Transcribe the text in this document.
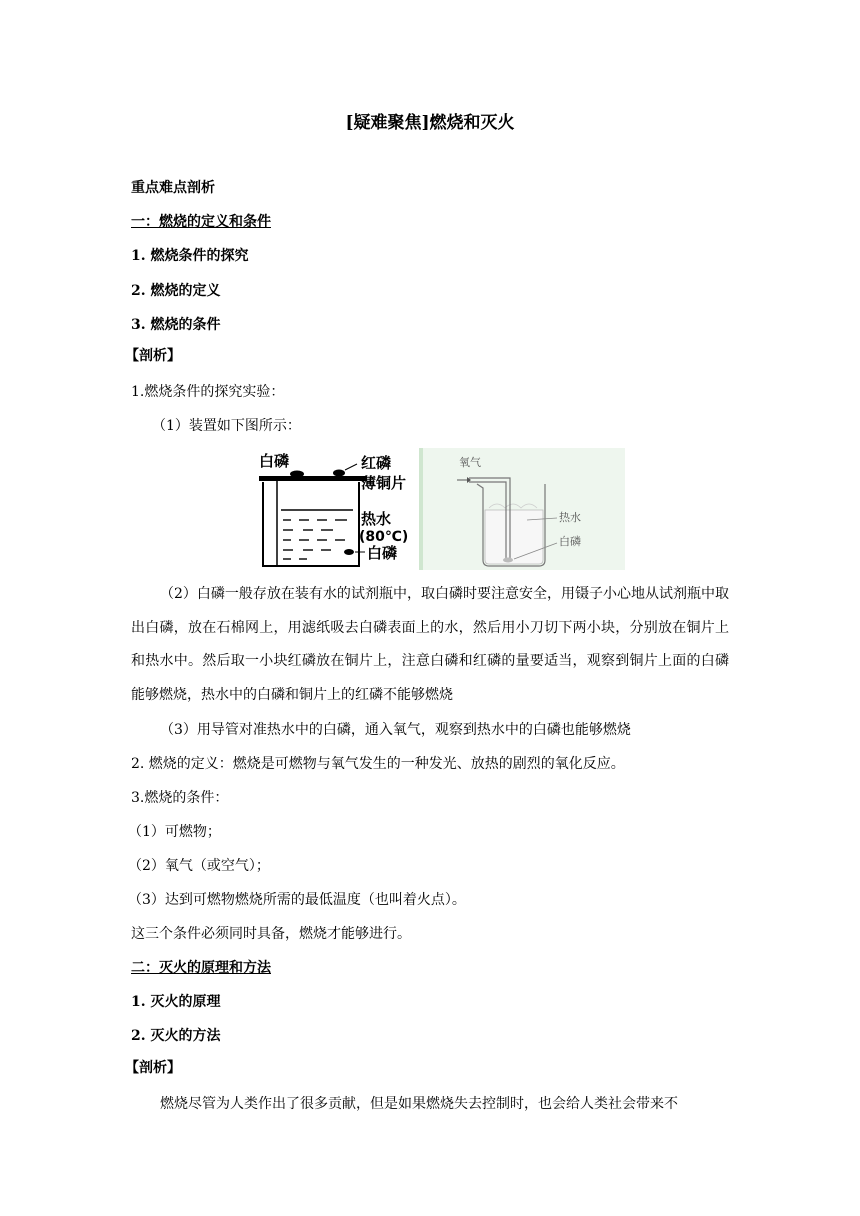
[疑难聚焦]燃烧和灭火
重点难点剖析
一：燃烧的定义和条件
1. 燃烧条件的探究
2. 燃烧的定义
3. 燃烧的条件
【剖析】
1.燃烧条件的探究实验：
（1）装置如下图所示：
白磷	红磷
薄铜片
热水
(80℃)
白磷
氧气
热水
白磷
（2）白磷一般存放在装有水的试剂瓶中，取白磷时要注意安全，用镊子小心地从试剂瓶中取出白磷，放在石棉网上，用滤纸吸去白磷表面上的水，然后用小刀切下两小块，分别放在铜片上和热水中。然后取一小块红磷放在铜片上，注意白磷和红磷的量要适当，观察到铜片上面的白磷能够燃烧，热水中的白磷和铜片上的红磷不能够燃烧
（3）用导管对准热水中的白磷，通入氧气，观察到热水中的白磷也能够燃烧
2. 燃烧的定义：燃烧是可燃物与氧气发生的一种发光、放热的剧烈的氧化反应。
3.燃烧的条件：
（1）可燃物；
（2）氧气（或空气）；
（3）达到可燃物燃烧所需的最低温度（也叫着火点）。
这三个条件必须同时具备，燃烧才能够进行。
二：灭火的原理和方法
1. 灭火的原理
2. 灭火的方法
【剖析】
燃烧尽管为人类作出了很多贡献，但是如果燃烧失去控制时，也会给人类社会带来不
